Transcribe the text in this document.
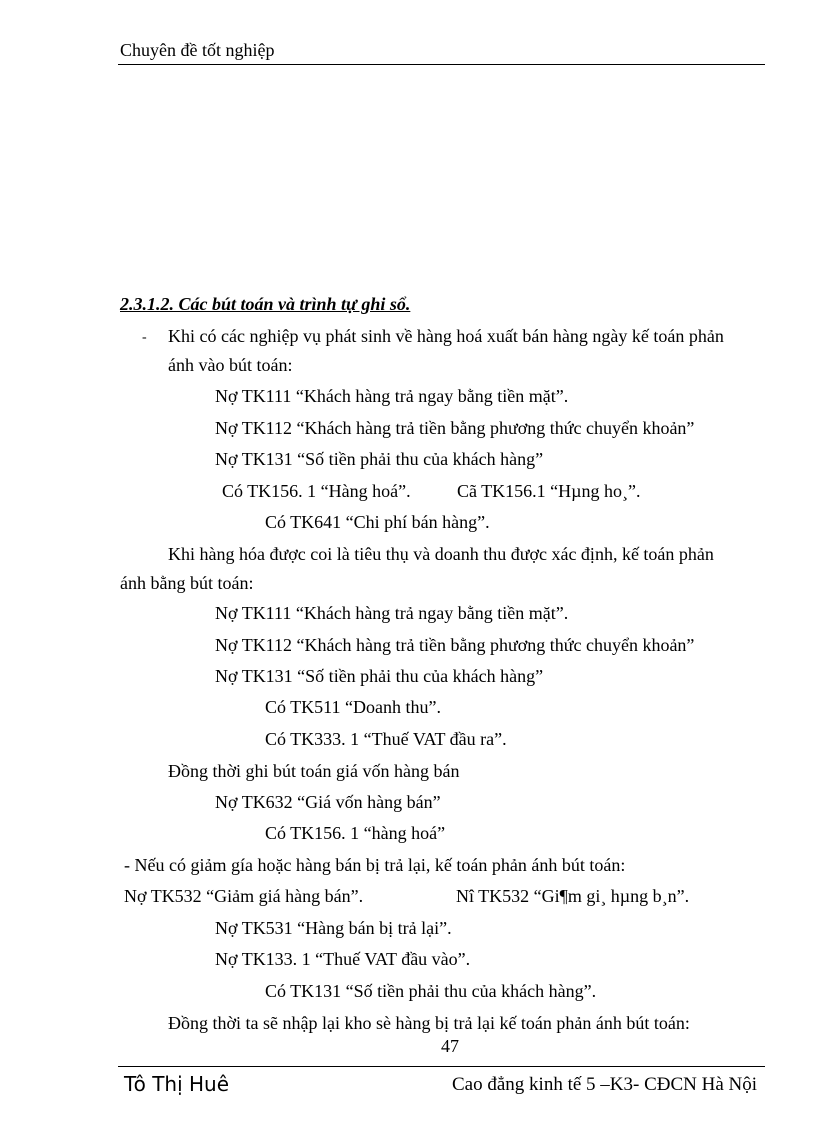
Chuyên đề tốt nghiệp
2.3.1.2. Các bút toán và trình tự ghi sổ.
- Khi có các nghiệp vụ phát sinh về hàng hoá xuất bán hàng ngày kế toán phản
ánh vào bút toán:
Nợ TK111 “Khách hàng trả ngay bằng tiền mặt”.
Nợ TK112 “Khách hàng trả tiền bằng phương thức chuyển khoản”
Nợ TK131 “Số tiền phải thu của khách hàng”
Có TK156. 1 “Hàng hoá”.	Cã TK156.1 “Hµng ho¸”.
Có TK641 “Chi phí bán hàng”.
Khi hàng hóa được coi là tiêu thụ và doanh thu được xác định, kế toán phản
ánh bằng bút toán:
Nợ TK111 “Khách hàng trả ngay bằng tiền mặt”.
Nợ TK112 “Khách hàng trả tiền bằng phương thức chuyển khoản”
Nợ TK131 “Số tiền phải thu của khách hàng”
Có TK511 “Doanh thu”.
Có TK333. 1 “Thuế VAT đầu ra”.
Đồng thời ghi bút toán giá vốn hàng bán
Nợ TK632 “Giá vốn hàng bán”
Có TK156. 1 “hàng hoá”
- Nếu có giảm gía hoặc hàng bán bị trả lại, kế toán phản ánh bút toán:
Nợ TK532 “Giảm giá hàng bán”.	Nî TK532 “Gi¶m gi¸ hµng b¸n”.
Nợ TK531 “Hàng bán bị trả lại”.
Nợ TK133. 1 “Thuế VAT đầu vào”.
Có TK131 “Số tiền phải thu của khách hàng”.
Đồng thời ta sẽ nhập lại kho sè hàng bị trả lại kế toán phản ánh bút toán:
47
Tô Thị Huê	Cao đẳng kinh tế 5 –K3- CĐCN Hà Nội
